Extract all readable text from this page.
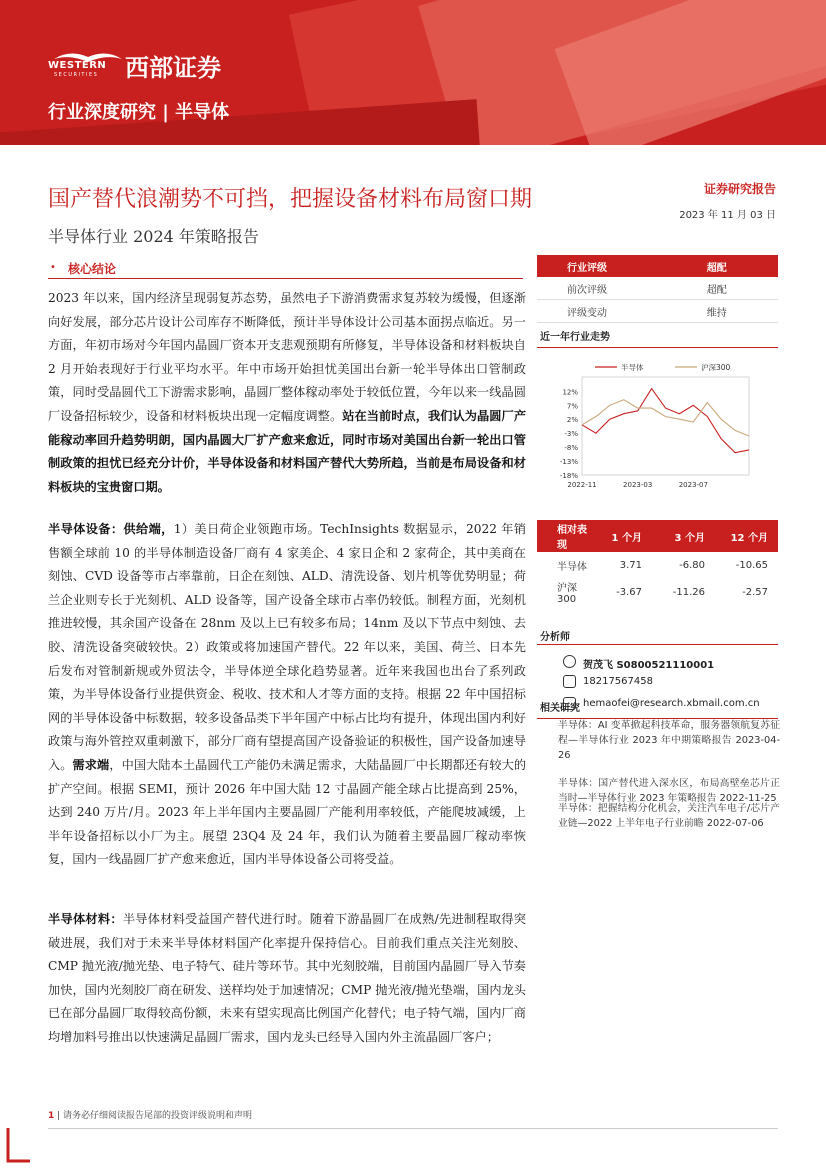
WESTERN
SECURITIES 西部证券
行业深度研究 | 半导体
国产替代浪潮势不可挡，把握设备材料布局窗口期
半导体行业 2024 年策略报告
证券研究报告
2023 年 11 月 03 日
• 核心结论
2023 年以来，国内经济呈现弱复苏态势，虽然电子下游消费需求复苏较为缓慢，但逐渐向好发展，部分芯片设计公司库存不断降低，预计半导体设计公司基本面拐点临近。另一方面，年初市场对今年国内晶圆厂资本开支悲观预期有所修复，半导体设备和材料板块自 2 月开始表现好于行业平均水平。年中市场开始担忧美国出台新一轮半导体出口管制政策，同时受晶圆代工下游需求影响，晶圆厂整体稼动率处于较低位置，今年以来一线晶圆厂设备招标较少，设备和材料板块出现一定幅度调整。站在当前时点，我们认为晶圆厂产能稼动率回升趋势明朗，国内晶圆大厂扩产愈来愈近，同时市场对美国出台新一轮出口管制政策的担忧已经充分计价，半导体设备和材料国产替代大势所趋，当前是布局设备和材料板块的宝贵窗口期。
半导体设备：供给端，1）美日荷企业领跑市场。TechInsights 数据显示，2022 年销售额全球前 10 的半导体制造设备厂商有 4 家美企、4 家日企和 2 家荷企，其中美商在刻蚀、CVD 设备等市占率靠前，日企在刻蚀、ALD、清洗设备、划片机等优势明显；荷兰企业则专长于光刻机、ALD 设备等，国产设备全球市占率仍较低。制程方面，光刻机推进较慢，其余国产设备在 28nm 及以上已有较多布局；14nm 及以下节点中刻蚀、去胶、清洗设备突破较快。2）政策或将加速国产替代。22 年以来，美国、荷兰、日本先后发布对管制新规或外贸法令，半导体逆全球化趋势显著。近年来我国也出台了系列政策，为半导体设备行业提供资金、税收、技术和人才等方面的支持。根据 22 年中国招标网的半导体设备中标数据，较多设备品类下半年国产中标占比均有提升，体现出国内利好政策与海外管控双重刺激下，部分厂商有望提高国产设备验证的积极性，国产设备加速导入。需求端，中国大陆本土晶圆代工产能仍未满足需求，大陆晶圆厂中长期都还有较大的扩产空间。根据 SEMI，预计 2026 年中国大陆 12 寸晶圆产能全球占比提高到 25%，达到 240 万片/月。2023 年上半年国内主要晶圆厂产能利用率较低，产能爬坡减缓，上半年设备招标以小厂为主。展望 23Q4 及 24 年，我们认为随着主要晶圆厂稼动率恢复，国内一线晶圆厂扩产愈来愈近，国内半导体设备公司将受益。
半导体材料：半导体材料受益国产替代进行时。随着下游晶圆厂在成熟/先进制程取得突破进展，我们对于未来半导体材料国产化率提升保持信心。目前我们重点关注光刻胶、CMP 抛光液/抛光垫、电子特气、硅片等环节。其中光刻胶端，目前国内晶圆厂导入节奏加快，国内光刻胶厂商在研发、送样均处于加速情况；CMP 抛光液/抛光垫端，国内龙头已在部分晶圆厂取得较高份额，未来有望实现高比例国产化替代；电子特气端，国内厂商均增加料号推出以快速满足晶圆厂需求，国内龙头已经导入国内外主流晶圆厂客户；
行业评级	超配
前次评级	超配
评级变动	维持
近一年行业走势
12%
7%
2%
-3%
-8%
-13%
-18%
2022-11	2023-03	2023-07
半导体	沪深300
相对表现	1 个月	3 个月	12 个月
半导体	3.71	-6.80	-10.65
沪深 300	-3.67	-11.26	-2.57
分析师
贺茂飞 S0800521110001
18217567458
hemaofei@research.xbmail.com.cn
相关研究
半导体：AI 变革掀起科技革命，服务器领航复苏征程—半导体行业 2023 年中期策略报告 2023-04-26
半导体：国产替代进入深水区，布局高壁垒芯片正当时—半导体行业 2023 年策略报告 2022-11-25
半导体：把握结构分化机会，关注汽车电子/芯片产业链—2022 上半年电子行业前瞻 2022-07-06
1 | 请务必仔细阅读报告尾部的投资评级说明和声明
